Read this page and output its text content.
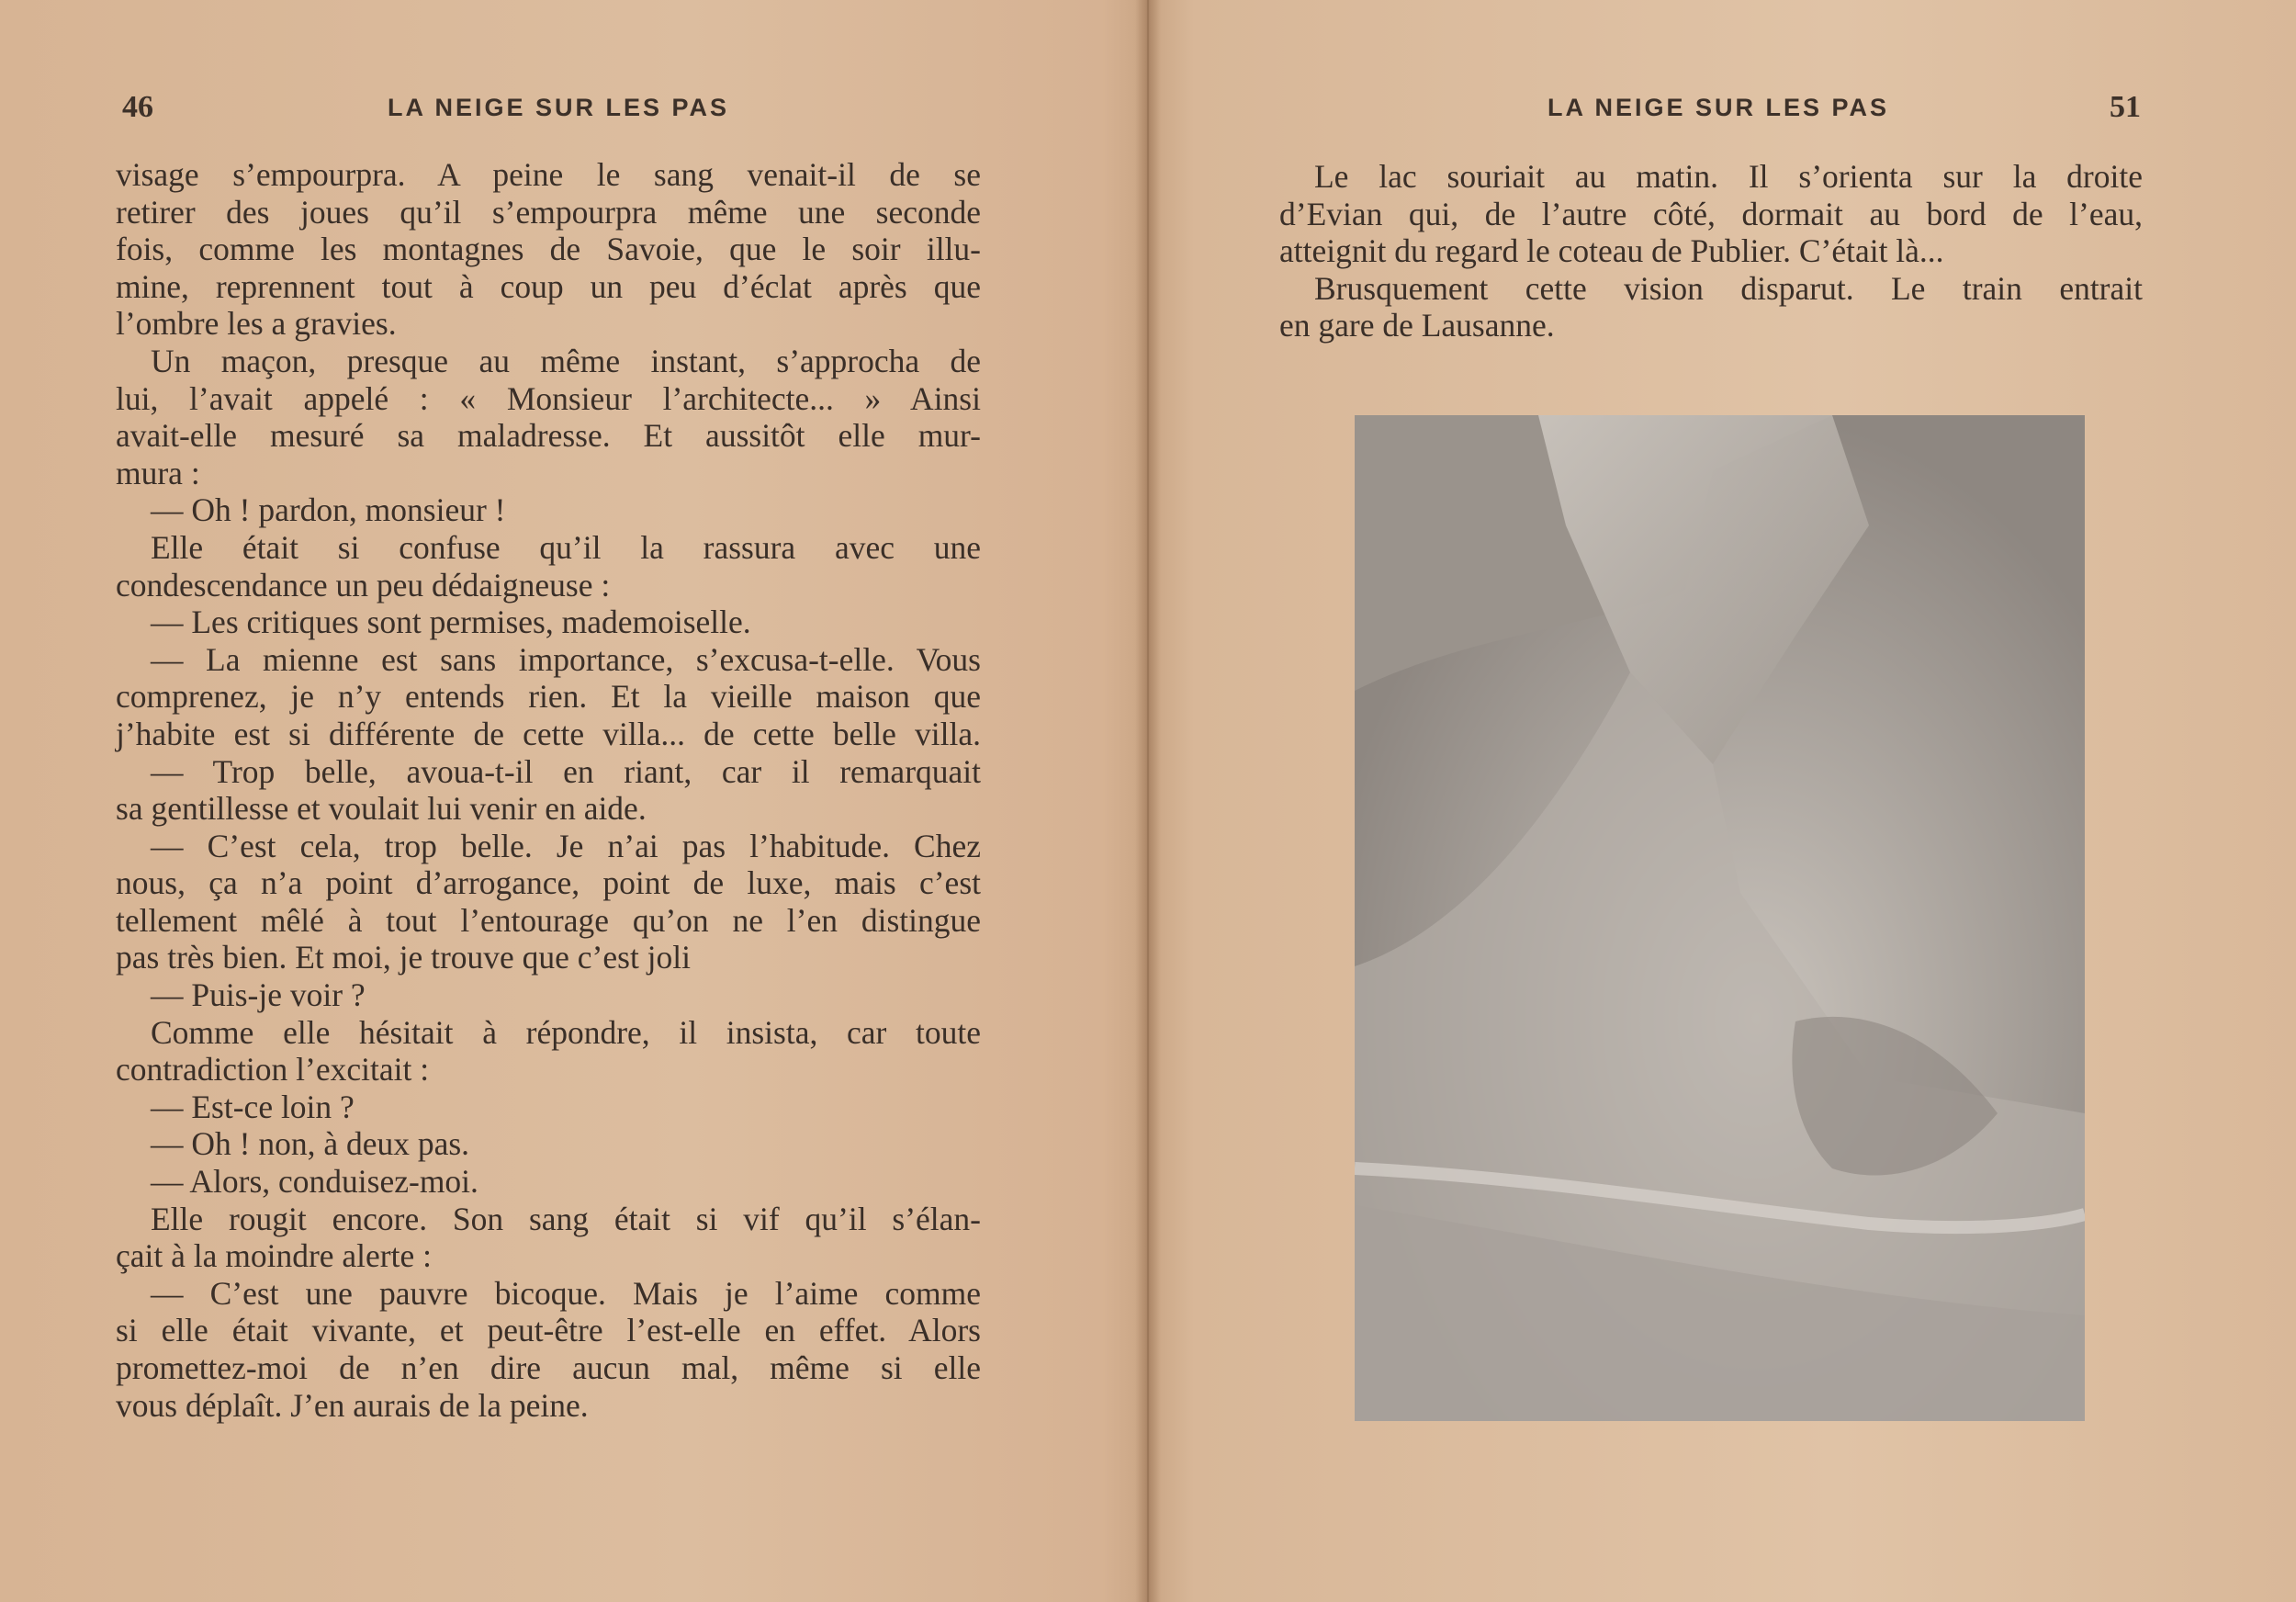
46	LA NEIGE SUR LES PAS

visage s’empourpra. A peine le sang venait-il de se

retirer des joues qu’il s’empourpra même une seconde

fois, comme les montagnes de Savoie, que le soir illu-

mine, reprennent tout à coup un peu d’éclat après que

l’ombre les a gravies.

Un maçon, presque au même instant, s’approcha de

lui, l’avait appelé : « Monsieur l’architecte... » Ainsi

avait-elle mesuré sa maladresse. Et aussitôt elle mur-

mura :

— Oh ! pardon, monsieur !

Elle était si confuse qu’il la rassura avec une

condescendance un peu dédaigneuse :

— Les critiques sont permises, mademoiselle.

— La mienne est sans importance, s’excusa-t-elle. Vous

comprenez, je n’y entends rien. Et la vieille maison que

j’habite est si différente de cette villa... de cette belle villa.

— Trop belle, avoua-t-il en riant, car il remarquait

sa gentillesse et voulait lui venir en aide.

— C’est cela, trop belle. Je n’ai pas l’habitude. Chez

nous, ça n’a point d’arrogance, point de luxe, mais c’est

tellement mêlé à tout l’entourage qu’on ne l’en distingue

pas très bien. Et moi, je trouve que c’est joli

— Puis-je voir ?

Comme elle hésitait à répondre, il insista, car toute

contradiction l’excitait :

— Est-ce loin ?

— Oh ! non, à deux pas.

— Alors, conduisez-moi.

Elle rougit encore. Son sang était si vif qu’il s’élan-

çait à la moindre alerte :

— C’est une pauvre bicoque. Mais je l’aime comme

si elle était vivante, et peut-être l’est-elle en effet. Alors

promettez-moi de n’en dire aucun mal, même si elle

vous déplaît. J’en aurais de la peine.

LA NEIGE SUR LES PAS	51

Le lac souriait au matin. Il s’orienta sur la droite

d’Evian qui, de l’autre côté, dormait au bord de l’eau,

atteignit du regard le coteau de Publier. C’était là...

Brusquement cette vision disparut. Le train entrait

en gare de Lausanne.
